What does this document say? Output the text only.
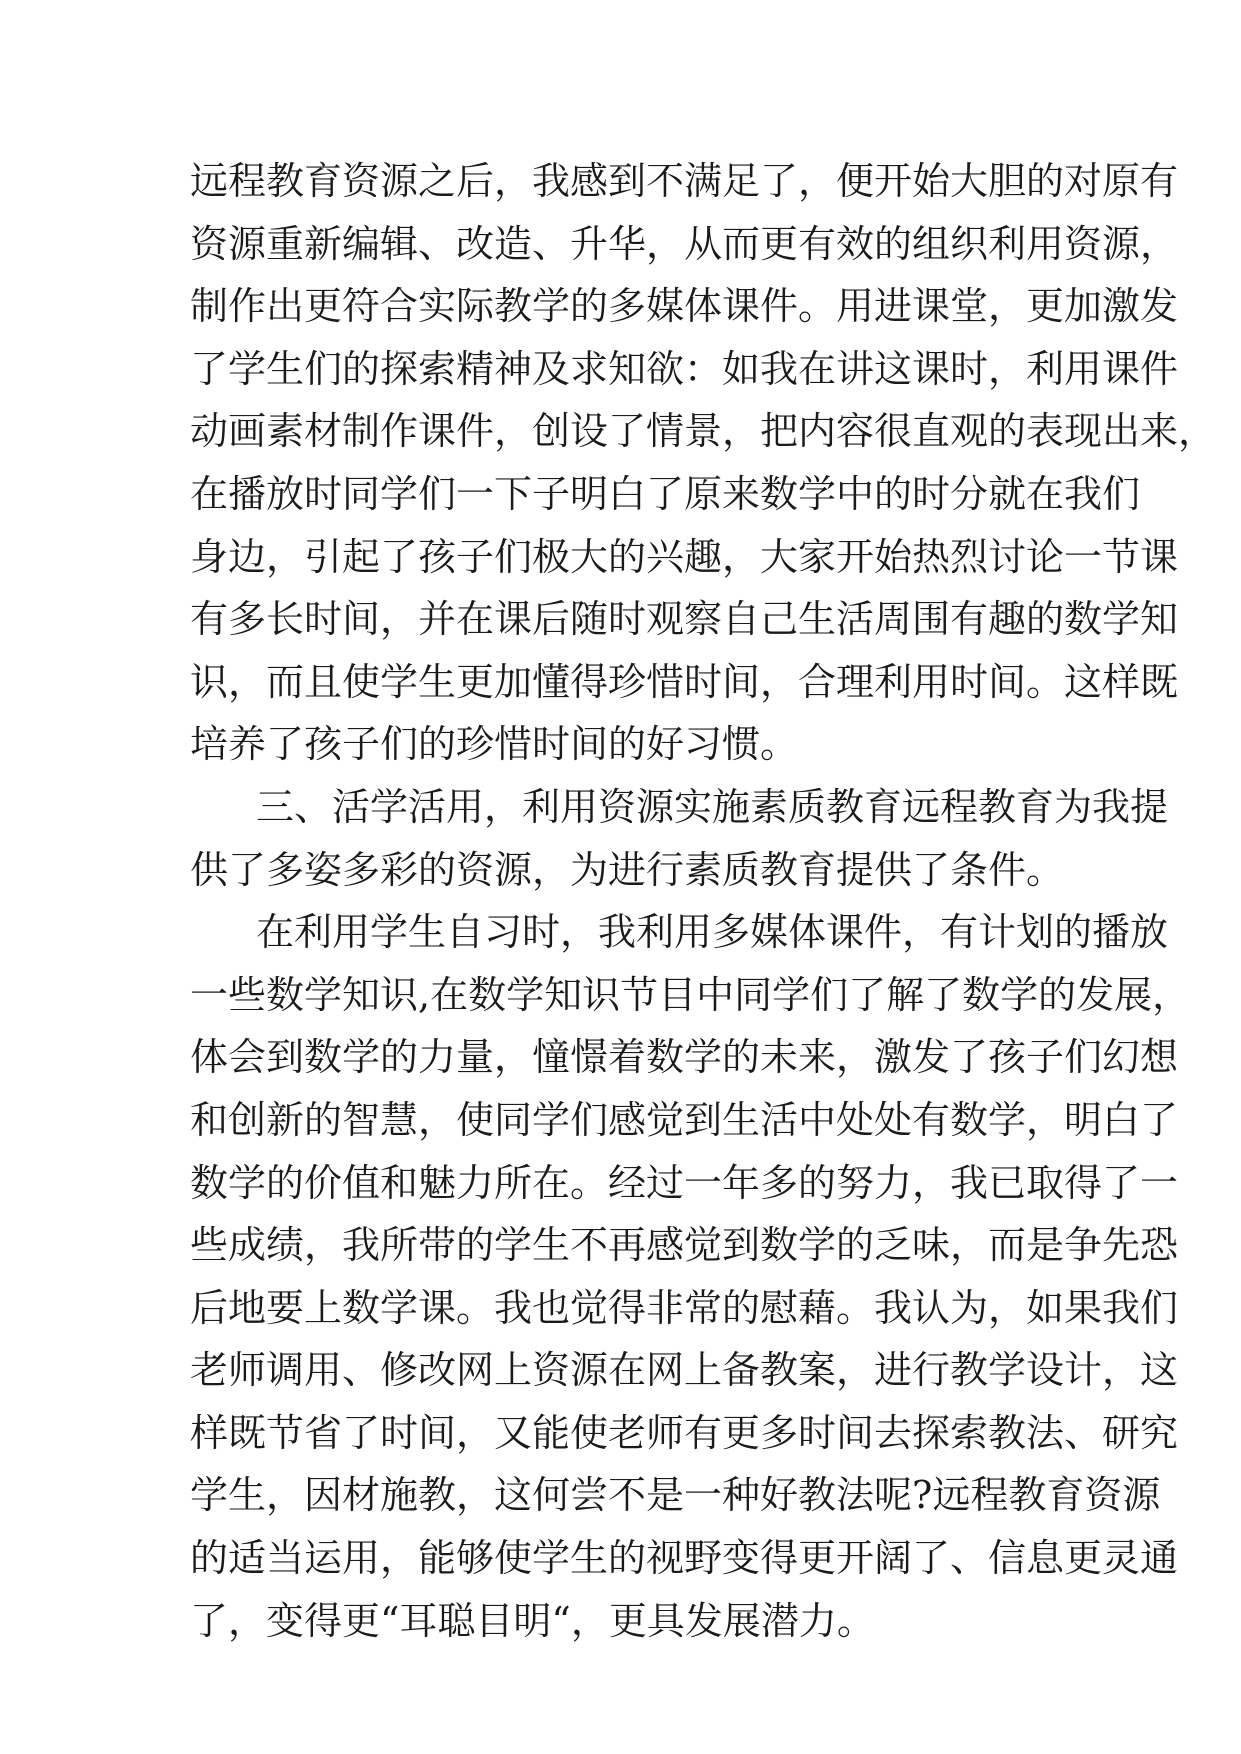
远程教育资源之后，我感到不满足了，便开始大胆的对原有
资源重新编辑、改造、升华，从而更有效的组织利用资源，
制作出更符合实际教学的多媒体课件。用进课堂，更加激发
了学生们的探索精神及求知欲：如我在讲这课时，利用课件
动画素材制作课件，创设了情景，把内容很直观的表现出来，
在播放时同学们一下子明白了原来数学中的时分就在我们
身边，引起了孩子们极大的兴趣，大家开始热烈讨论一节课
有多长时间，并在课后随时观察自己生活周围有趣的数学知
识，而且使学生更加懂得珍惜时间，合理利用时间。这样既
培养了孩子们的珍惜时间的好习惯。
三、活学活用，利用资源实施素质教育远程教育为我提
供了多姿多彩的资源，为进行素质教育提供了条件。
在利用学生自习时，我利用多媒体课件，有计划的播放
一些数学知识,在数学知识节目中同学们了解了数学的发展，
体会到数学的力量，憧憬着数学的未来，激发了孩子们幻想
和创新的智慧，使同学们感觉到生活中处处有数学，明白了
数学的价值和魅力所在。经过一年多的努力，我已取得了一
些成绩，我所带的学生不再感觉到数学的乏味，而是争先恐
后地要上数学课。我也觉得非常的慰藉。我认为，如果我们
老师调用、修改网上资源在网上备教案，进行教学设计，这
样既节省了时间，又能使老师有更多时间去探索教法、研究
学生，因材施教，这何尝不是一种好教法呢?远程教育资源
的适当运用，能够使学生的视野变得更开阔了、信息更灵通
了，变得更“耳聪目明“，更具发展潜力。
